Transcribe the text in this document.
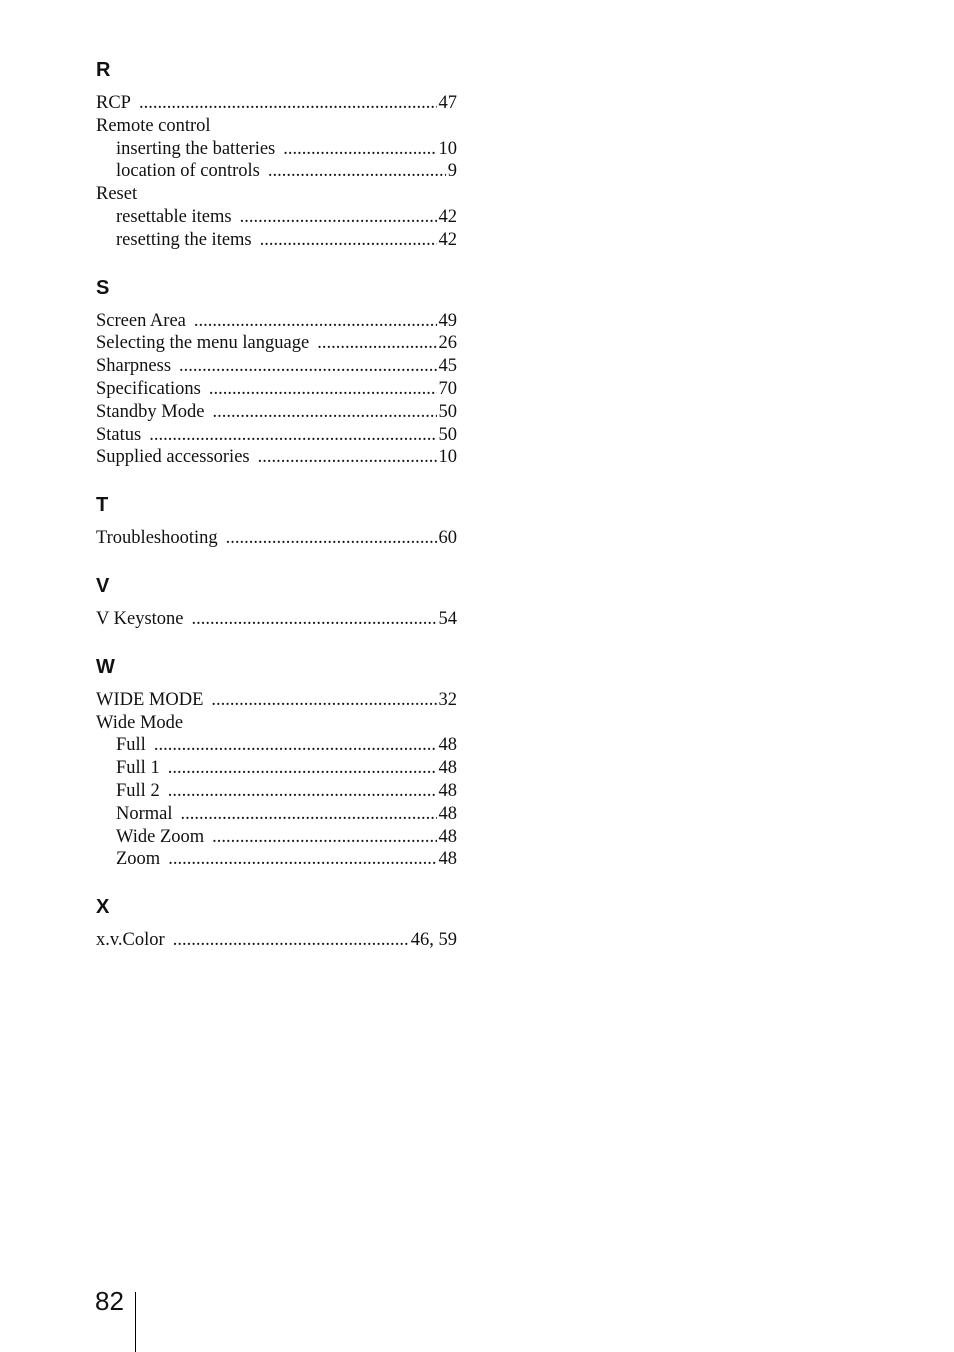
R
RCP .....	47
Remote control
inserting the batteries .....	10
location of controls .....	9
Reset
resettable items .....	42
resetting the items .....	42
S
Screen Area .....	49
Selecting the menu language .....	26
Sharpness .....	45
Specifications .....	70
Standby Mode .....	50
Status .....	50
Supplied accessories .....	10
T
Troubleshooting .....	60
V
V Keystone .....	54
W
WIDE MODE .....	32
Wide Mode
Full .....	48
Full 1 .....	48
Full 2 .....	48
Normal .....	48
Wide Zoom .....	48
Zoom .....	48
X
x.v.Color .....	46, 59
82
